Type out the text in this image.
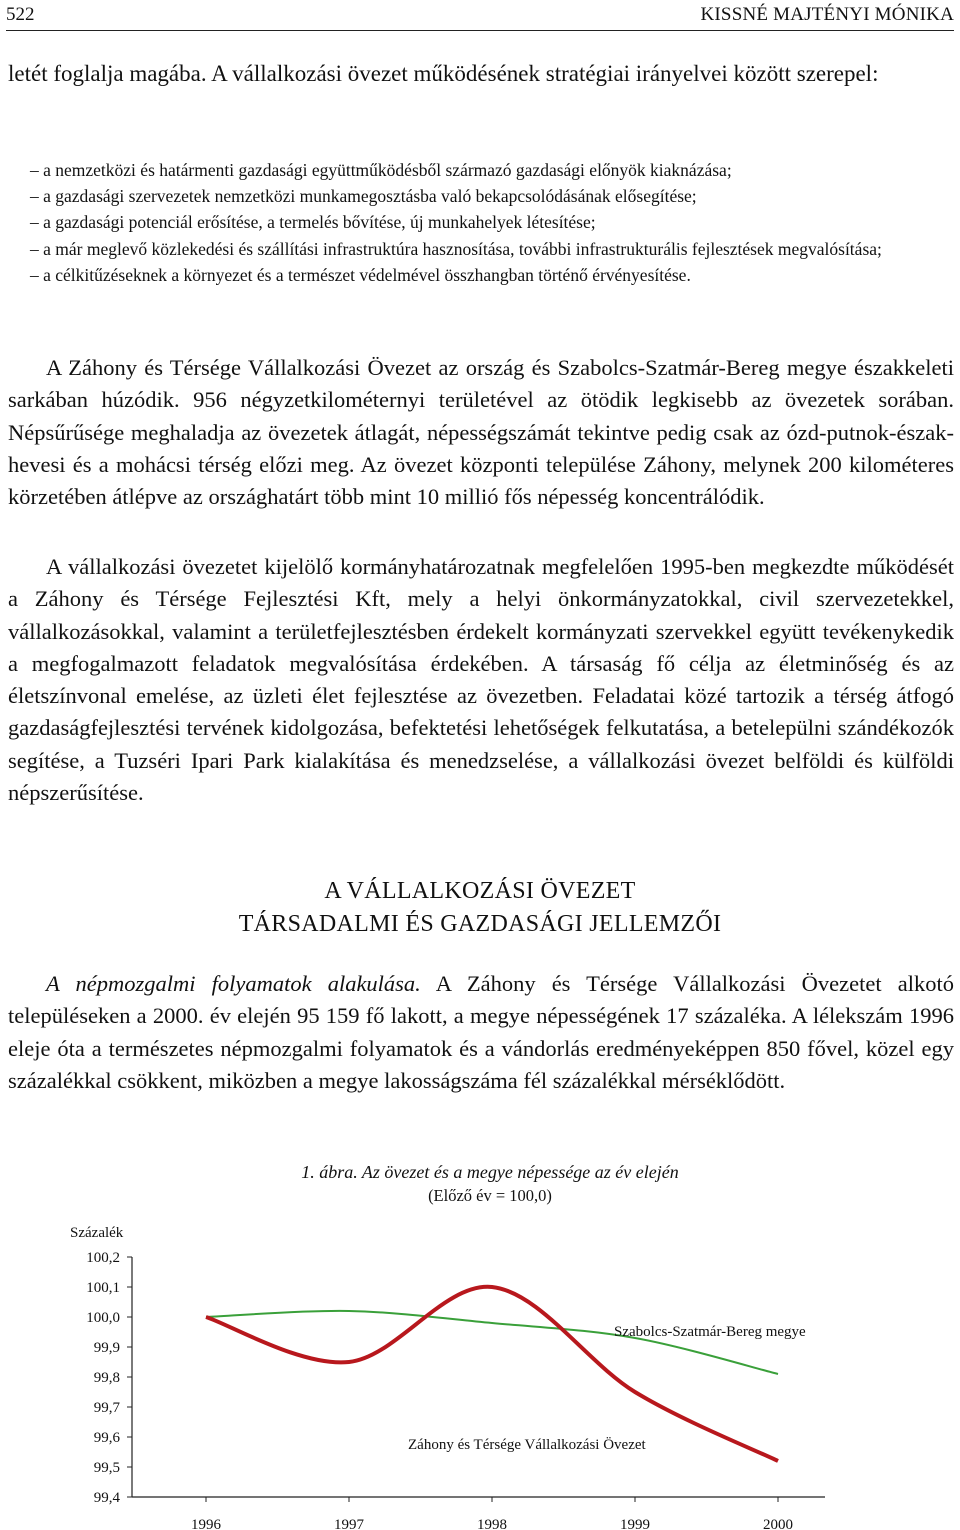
522	KISSNÉ MAJTÉNYI MÓNIKA

letét foglalja magába. A vállalkozási övezet működésének stratégiai irányelvei között szerepel:

– a nemzetközi és határmenti gazdasági együttműködésből származó gazdasági előnyök kiaknázása;
– a gazdasági szervezetek nemzetközi munkamegosztásba való bekapcsolódásának elősegítése;
– a gazdasági potenciál erősítése, a termelés bővítése, új munkahelyek létesítése;
– a már meglevő közlekedési és szállítási infrastruktúra hasznosítása, további infrastrukturális fejlesztések megvalósítása;
– a célkitűzéseknek a környezet és a természet védelmével összhangban történő érvényesítése.

A Záhony és Térsége Vállalkozási Övezet az ország és Szabolcs-Szatmár-Bereg megye északkeleti sarkában húzódik. 956 négyzetkilométernyi területével az ötödik legkisebb az övezetek sorában. Népsűrűsége meghaladja az övezetek átlagát, népességszámát tekintve pedig csak az ózd-putnok-észak-hevesi és a mohácsi térség előzi meg. Az övezet központi települése Záhony, melynek 200 kilométeres körzetében átlépve az országhatárt több mint 10 millió fős népesség koncentrálódik.

A vállalkozási övezetet kijelölő kormányhatározatnak megfelelően 1995-ben megkezdte működését a Záhony és Térsége Fejlesztési Kft, mely a helyi önkormányzatokkal, civil szervezetekkel, vállalkozásokkal, valamint a területfejlesztésben érdekelt kormányzati szervekkel együtt tevékenykedik a megfogalmazott feladatok megvalósítása érdekében. A társaság fő célja az életminőség és az életszínvonal emelése, az üzleti élet fejlesztése az övezetben. Feladatai közé tartozik a térség átfogó gazdaságfejlesztési tervének kidolgozása, befektetési lehetőségek felkutatása, a betelepülni szándékozók segítése, a Tuzséri Ipari Park kialakítása és menedzselése, a vállalkozási övezet belföldi és külföldi népszerűsítése.

A VÁLLALKOZÁSI ÖVEZET
TÁRSADALMI ÉS GAZDASÁGI JELLEMZŐI

A népmozgalmi folyamatok alakulása. A Záhony és Térsége Vállalkozási Övezetet alkotó településeken a 2000. év elején 95 159 fő lakott, a megye népességének 17 százaléka. A lélekszám 1996 eleje óta a természetes népmozgalmi folyamatok és a vándorlás eredményeképpen 850 fővel, közel egy százalékkal csökkent, miközben a megye lakosságszáma fél százalékkal mérséklődött.

1. ábra. Az övezet és a megye népessége az év elején
(Előző év = 100,0)
Százalék
100,2
100,1
100,0
99,9
99,8
99,7
99,6
99,5
99,4
1996	1997	1998	1999	2000
Szabolcs-Szatmár-Bereg megye
Záhony és Térsége Vállalkozási Övezet
